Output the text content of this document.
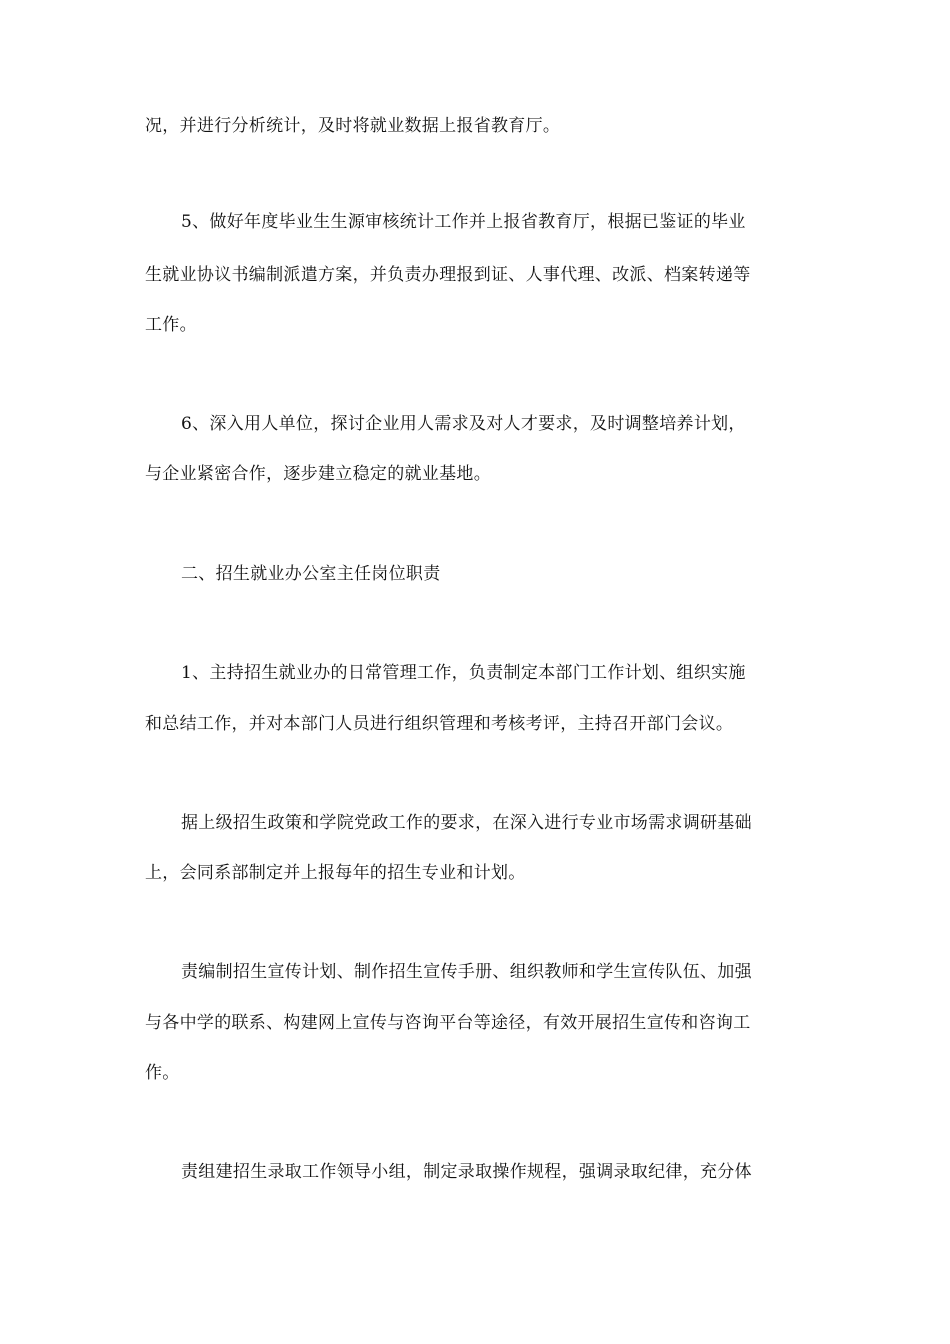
况，并进行分析统计，及时将就业数据上报省教育厅。
5、做好年度毕业生生源审核统计工作并上报省教育厅，根据已鉴证的毕业
生就业协议书编制派遣方案，并负责办理报到证、人事代理、改派、档案转递等
工作。
6、深入用人单位，探讨企业用人需求及对人才要求，及时调整培养计划，
与企业紧密合作，逐步建立稳定的就业基地。
二、招生就业办公室主任岗位职责
1、主持招生就业办的日常管理工作，负责制定本部门工作计划、组织实施
和总结工作，并对本部门人员进行组织管理和考核考评，主持召开部门会议。
据上级招生政策和学院党政工作的要求，在深入进行专业市场需求调研基础
上，会同系部制定并上报每年的招生专业和计划。
责编制招生宣传计划、制作招生宣传手册、组织教师和学生宣传队伍、加强
与各中学的联系、构建网上宣传与咨询平台等途径，有效开展招生宣传和咨询工
作。
责组建招生录取工作领导小组，制定录取操作规程，强调录取纪律，充分体
